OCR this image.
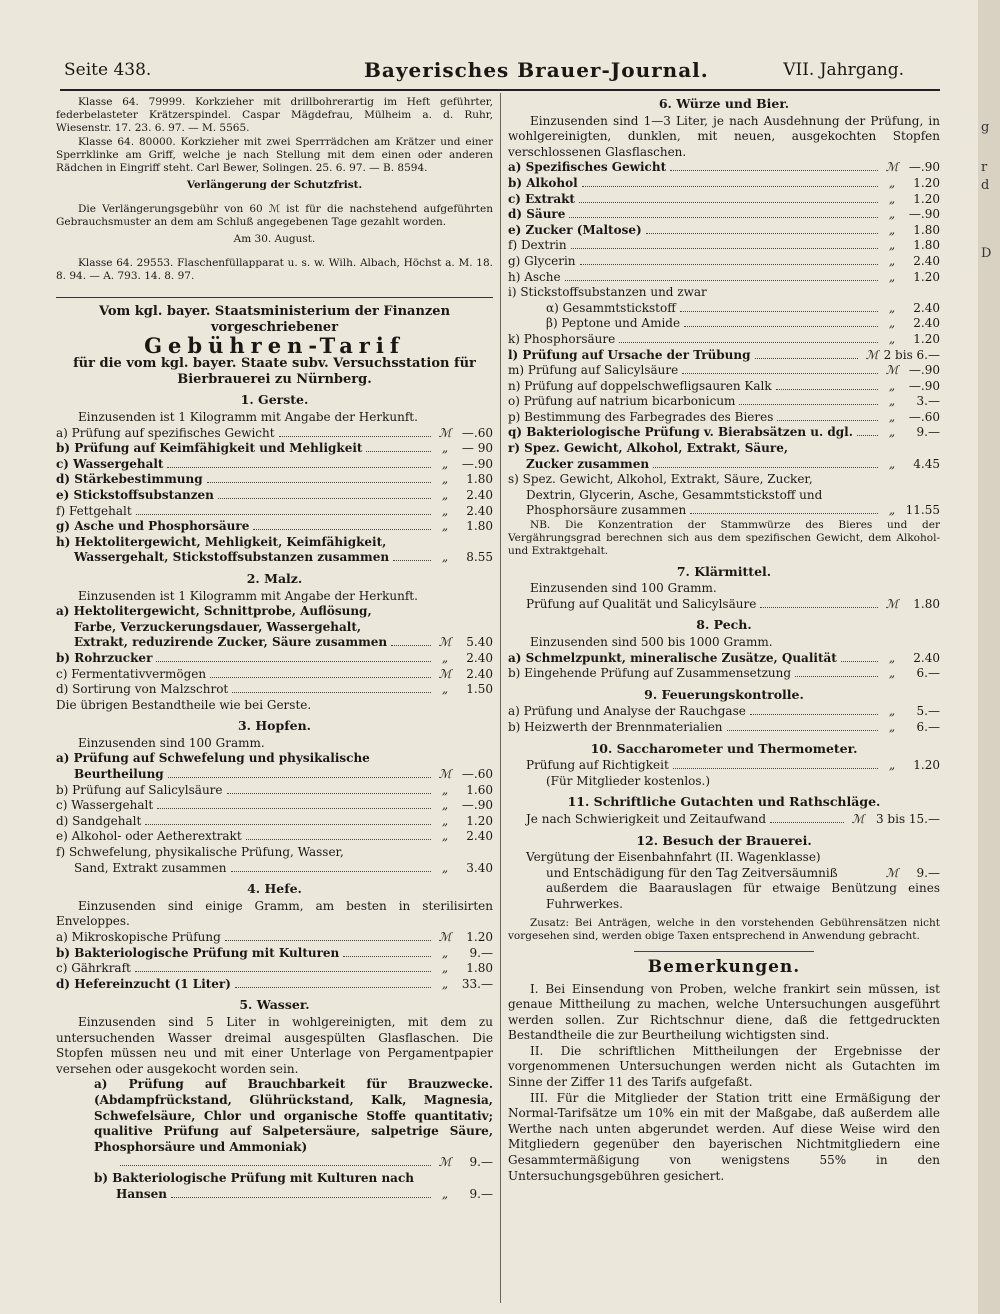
g
r
d
D
Seite 438.	Bayerisches Brauer-Journal.	VII. Jahrgang.

Klasse 64. 79999. Korkzieher mit drillbohrerartig im Heft geführter, federbelasteter Krätzerspindel. Caspar Mägdefrau, Mülheim a. d. Ruhr, Wiesenstr. 17. 23. 6. 97. — M. 5565.

Klasse 64. 80000. Korkzieher mit zwei Sperrrädchen am Krätzer und einer Sperrklinke am Griff, welche je nach Stellung mit dem einen oder anderen Rädchen in Eingriff steht. Carl Bewer, Solingen. 25. 6. 97. — B. 8594.

Verlängerung der Schutzfrist.

Die Verlängerungsgebühr von 60 ℳ ist für die nachstehend aufgeführten Gebrauchsmuster an dem am Schluß angegebenen Tage gezahlt worden.

Am 30. August.

Klasse 64. 29553. Flaschenfüllapparat u. s. w. Wilh. Albach, Höchst a. M. 18. 8. 94. — A. 793. 14. 8. 97.

Vom kgl. bayer. Staatsministerium der Finanzen vorgeschriebener

Gebühren-Tarif

für die vom kgl. bayer. Staate subv. Versuchsstation für Bierbrauerei zu Nürnberg.

1. Gerste.

Einzusenden ist 1 Kilogramm mit Angabe der Herkunft.

a) Prüfung auf spezifisches Gewicht	ℳ —.60
b) Prüfung auf Keimfähigkeit und Mehligkeit	„	— 90
c) Wassergehalt	„	—.90
d) Stärkebestimmung	„	1.80
e) Stickstoffsubstanzen	„	2.40
f) Fettgehalt	„	2.40
g) Asche und Phosphorsäure	„	1.80

h) Hektolitergewicht, Mehligkeit, Keimfähigkeit,

Wassergehalt, Stickstoffsubstanzen zusammen	„	8.55

2. Malz.

Einzusenden ist 1 Kilogramm mit Angabe der Herkunft.

a) Hektolitergewicht, Schnittprobe, Auflösung,

Farbe, Verzuckerungsdauer, Wassergehalt,

Extrakt, reduzirende Zucker, Säure zusammen	ℳ	5.40
b) Rohrzucker	„	2.40
c) Fermentativvermögen	ℳ	2.40
d) Sortirung von Malzschrot	„	1.50

Die übrigen Bestandtheile wie bei Gerste.

3. Hopfen.

Einzusenden sind 100 Gramm.

a) Prüfung auf Schwefelung und physikalische

Beurtheilung	ℳ —.60
b) Prüfung auf Salicylsäure	„	1.60
c) Wassergehalt	„	—.90
d) Sandgehalt	„	1.20
e) Alkohol- oder Aetherextrakt	„	2.40

f) Schwefelung, physikalische Prüfung, Wasser,

Sand, Extrakt zusammen	„	3.40

4. Hefe.

Einzusenden sind einige Gramm, am besten in sterilisirten Enveloppes.

a) Mikroskopische Prüfung	ℳ	1.20
b) Bakteriologische Prüfung mit Kulturen	„	9.—
c) Gährkraft	„	1.80
d) Hefereinzucht (1 Liter)	„	33.—

5. Wasser.

Einzusenden sind 5 Liter in wohlgereinigten, mit dem zu untersuchenden Wasser dreimal ausgespülten Glasflaschen. Die Stopfen müssen neu und mit einer Unterlage von Pergamentpapier versehen oder ausgekocht worden sein.

a) Prüfung auf Brauchbarkeit für Brauzwecke. (Abdampfrückstand, Glührückstand, Kalk, Magnesia, Schwefelsäure, Chlor und organische Stoffe quantitativ; qualitive Prüfung auf Salpetersäure, salpetrige Säure, Phosphorsäure und Ammoniak)

ℳ	9.—

b) Bakteriologische Prüfung mit Kulturen nach

Hansen	„	9.—

6. Würze und Bier.

Einzusenden sind 1—3 Liter, je nach Ausdehnung der Prüfung, in wohlgereinigten, dunklen, mit neuen, ausgekochten Stopfen verschlossenen Glasflaschen.

a) Spezifisches Gewicht	ℳ —.90
b) Alkohol	„	1.20
c) Extrakt	„	1.20
d) Säure	„	—.90
e) Zucker (Maltose)	„	1.80
f) Dextrin	„	1.80
g) Glycerin	„	2.40
h) Asche	„	1.20

i) Stickstoffsubstanzen und zwar

α) Gesammtstickstoff	„	2.40
β) Peptone und Amide	„	2.40
k) Phosphorsäure	„	1.20
l) Prüfung auf Ursache der Trübung	ℳ 2 bis 6.—
m) Prüfung auf Salicylsäure	ℳ —.90
n) Prüfung auf doppelschwefligsauren Kalk	„	—.90
o) Prüfung auf natrium bicarbonicum	„	3.—
p) Bestimmung des Farbegrades des Bieres	„	—.60
q) Bakteriologische Prüfung v. Bierabsätzen u. dgl.	„	9.—

r) Spez. Gewicht, Alkohol, Extrakt, Säure,

Zucker zusammen	„	4.45

s) Spez. Gewicht, Alkohol, Extrakt, Säure, Zucker,

Dextrin, Glycerin, Asche, Gesammtstickstoff und

Phosphorsäure zusammen	„ 11.55

NB. Die Konzentration der Stammwürze des Bieres und der Vergährungsgrad berechnen sich aus dem spezifischen Gewicht, dem Alkohol- und Extraktgehalt.

7. Klärmittel.

Einzusenden sind 100 Gramm.

Prüfung auf Qualität und Salicylsäure	ℳ	1.80

8. Pech.

Einzusenden sind 500 bis 1000 Gramm.

a) Schmelzpunkt, mineralische Zusätze, Qualität	„	2.40
b) Eingehende Prüfung auf Zusammensetzung	„	6.—

9. Feuerungskontrolle.

a) Prüfung und Analyse der Rauchgase	„	5.—
b) Heizwerth der Brennmaterialien	„	6.—

10. Saccharometer und Thermometer.

Prüfung auf Richtigkeit	„	1.20

(Für Mitglieder kostenlos.)

11. Schriftliche Gutachten und Rathschläge.

Je nach Schwierigkeit und Zeitaufwand	ℳ 3 bis 15.—

12. Besuch der Brauerei.

Vergütung der Eisenbahnfahrt (II. Wagenklasse)

und Entschädigung für den Tag Zeitversäumniß	ℳ	9.—

außerdem die Baarauslagen für etwaige Benützung eines Fuhrwerkes.

Zusatz: Bei Anträgen, welche in den vorstehenden Gebührensätzen nicht vorgesehen sind, werden obige Taxen entsprechend in Anwendung gebracht.

Bemerkungen.

I. Bei Einsendung von Proben, welche frankirt sein müssen, ist genaue Mittheilung zu machen, welche Untersuchungen ausgeführt werden sollen. Zur Richtschnur diene, daß die fettgedruckten Bestandtheile die zur Beurtheilung wichtigsten sind.

II. Die schriftlichen Mittheilungen der Ergebnisse der vorgenommenen Untersuchungen werden nicht als Gutachten im Sinne der Ziffer 11 des Tarifs aufgefaßt.

III. Für die Mitglieder der Station tritt eine Ermäßigung der Normal-Tarifsätze um 10% ein mit der Maßgabe, daß außerdem alle Werthe nach unten abgerundet werden. Auf diese Weise wird den Mitgliedern gegenüber den bayerischen Nichtmitgliedern eine Gesammtermäßigung von wenigstens 55% in den Untersuchungsgebühren gesichert.
